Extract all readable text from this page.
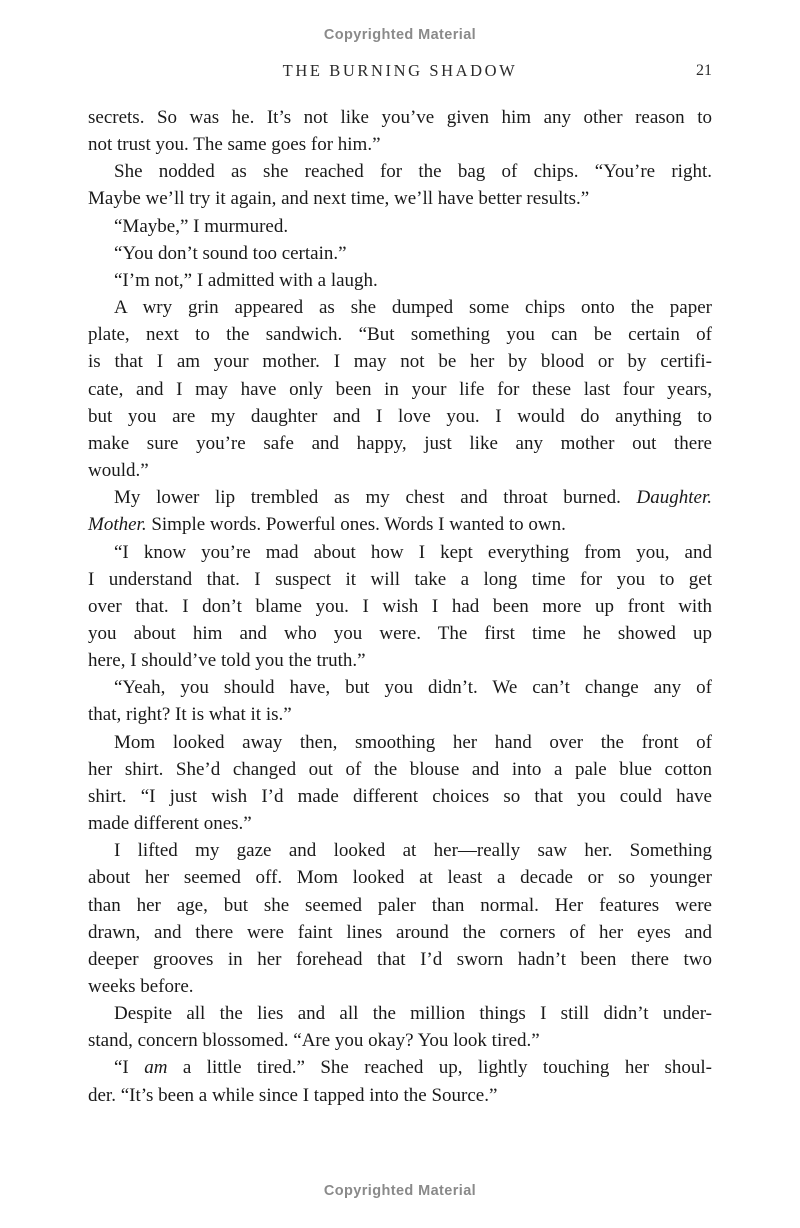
Copyrighted Material
THE BURNING SHADOW	21
secrets. So was he. It’s not like you’ve given him any other reason to
not trust you. The same goes for him.”
She nodded as she reached for the bag of chips. “You’re right.
Maybe we’ll try it again, and next time, we’ll have better results.”
“Maybe,” I murmured.
“You don’t sound too certain.”
“I’m not,” I admitted with a laugh.
A wry grin appeared as she dumped some chips onto the paper
plate, next to the sandwich. “But something you can be certain of
is that I am your mother. I may not be her by blood or by certifi-
cate, and I may have only been in your life for these last four years,
but you are my daughter and I love you. I would do anything to
make sure you’re safe and happy, just like any mother out there
would.”
My lower lip trembled as my chest and throat burned. Daughter.
Mother. Simple words. Powerful ones. Words I wanted to own.
“I know you’re mad about how I kept everything from you, and
I understand that. I suspect it will take a long time for you to get
over that. I don’t blame you. I wish I had been more up front with
you about him and who you were. The first time he showed up
here, I should’ve told you the truth.”
“Yeah, you should have, but you didn’t. We can’t change any of
that, right? It is what it is.”
Mom looked away then, smoothing her hand over the front of
her shirt. She’d changed out of the blouse and into a pale blue cotton
shirt. “I just wish I’d made different choices so that you could have
made different ones.”
I lifted my gaze and looked at her—really saw her. Something
about her seemed off. Mom looked at least a decade or so younger
than her age, but she seemed paler than normal. Her features were
drawn, and there were faint lines around the corners of her eyes and
deeper grooves in her forehead that I’d sworn hadn’t been there two
weeks before.
Despite all the lies and all the million things I still didn’t under-
stand, concern blossomed. “Are you okay? You look tired.”
“I am a little tired.” She reached up, lightly touching her shoul-
der. “It’s been a while since I tapped into the Source.”
Copyrighted Material
